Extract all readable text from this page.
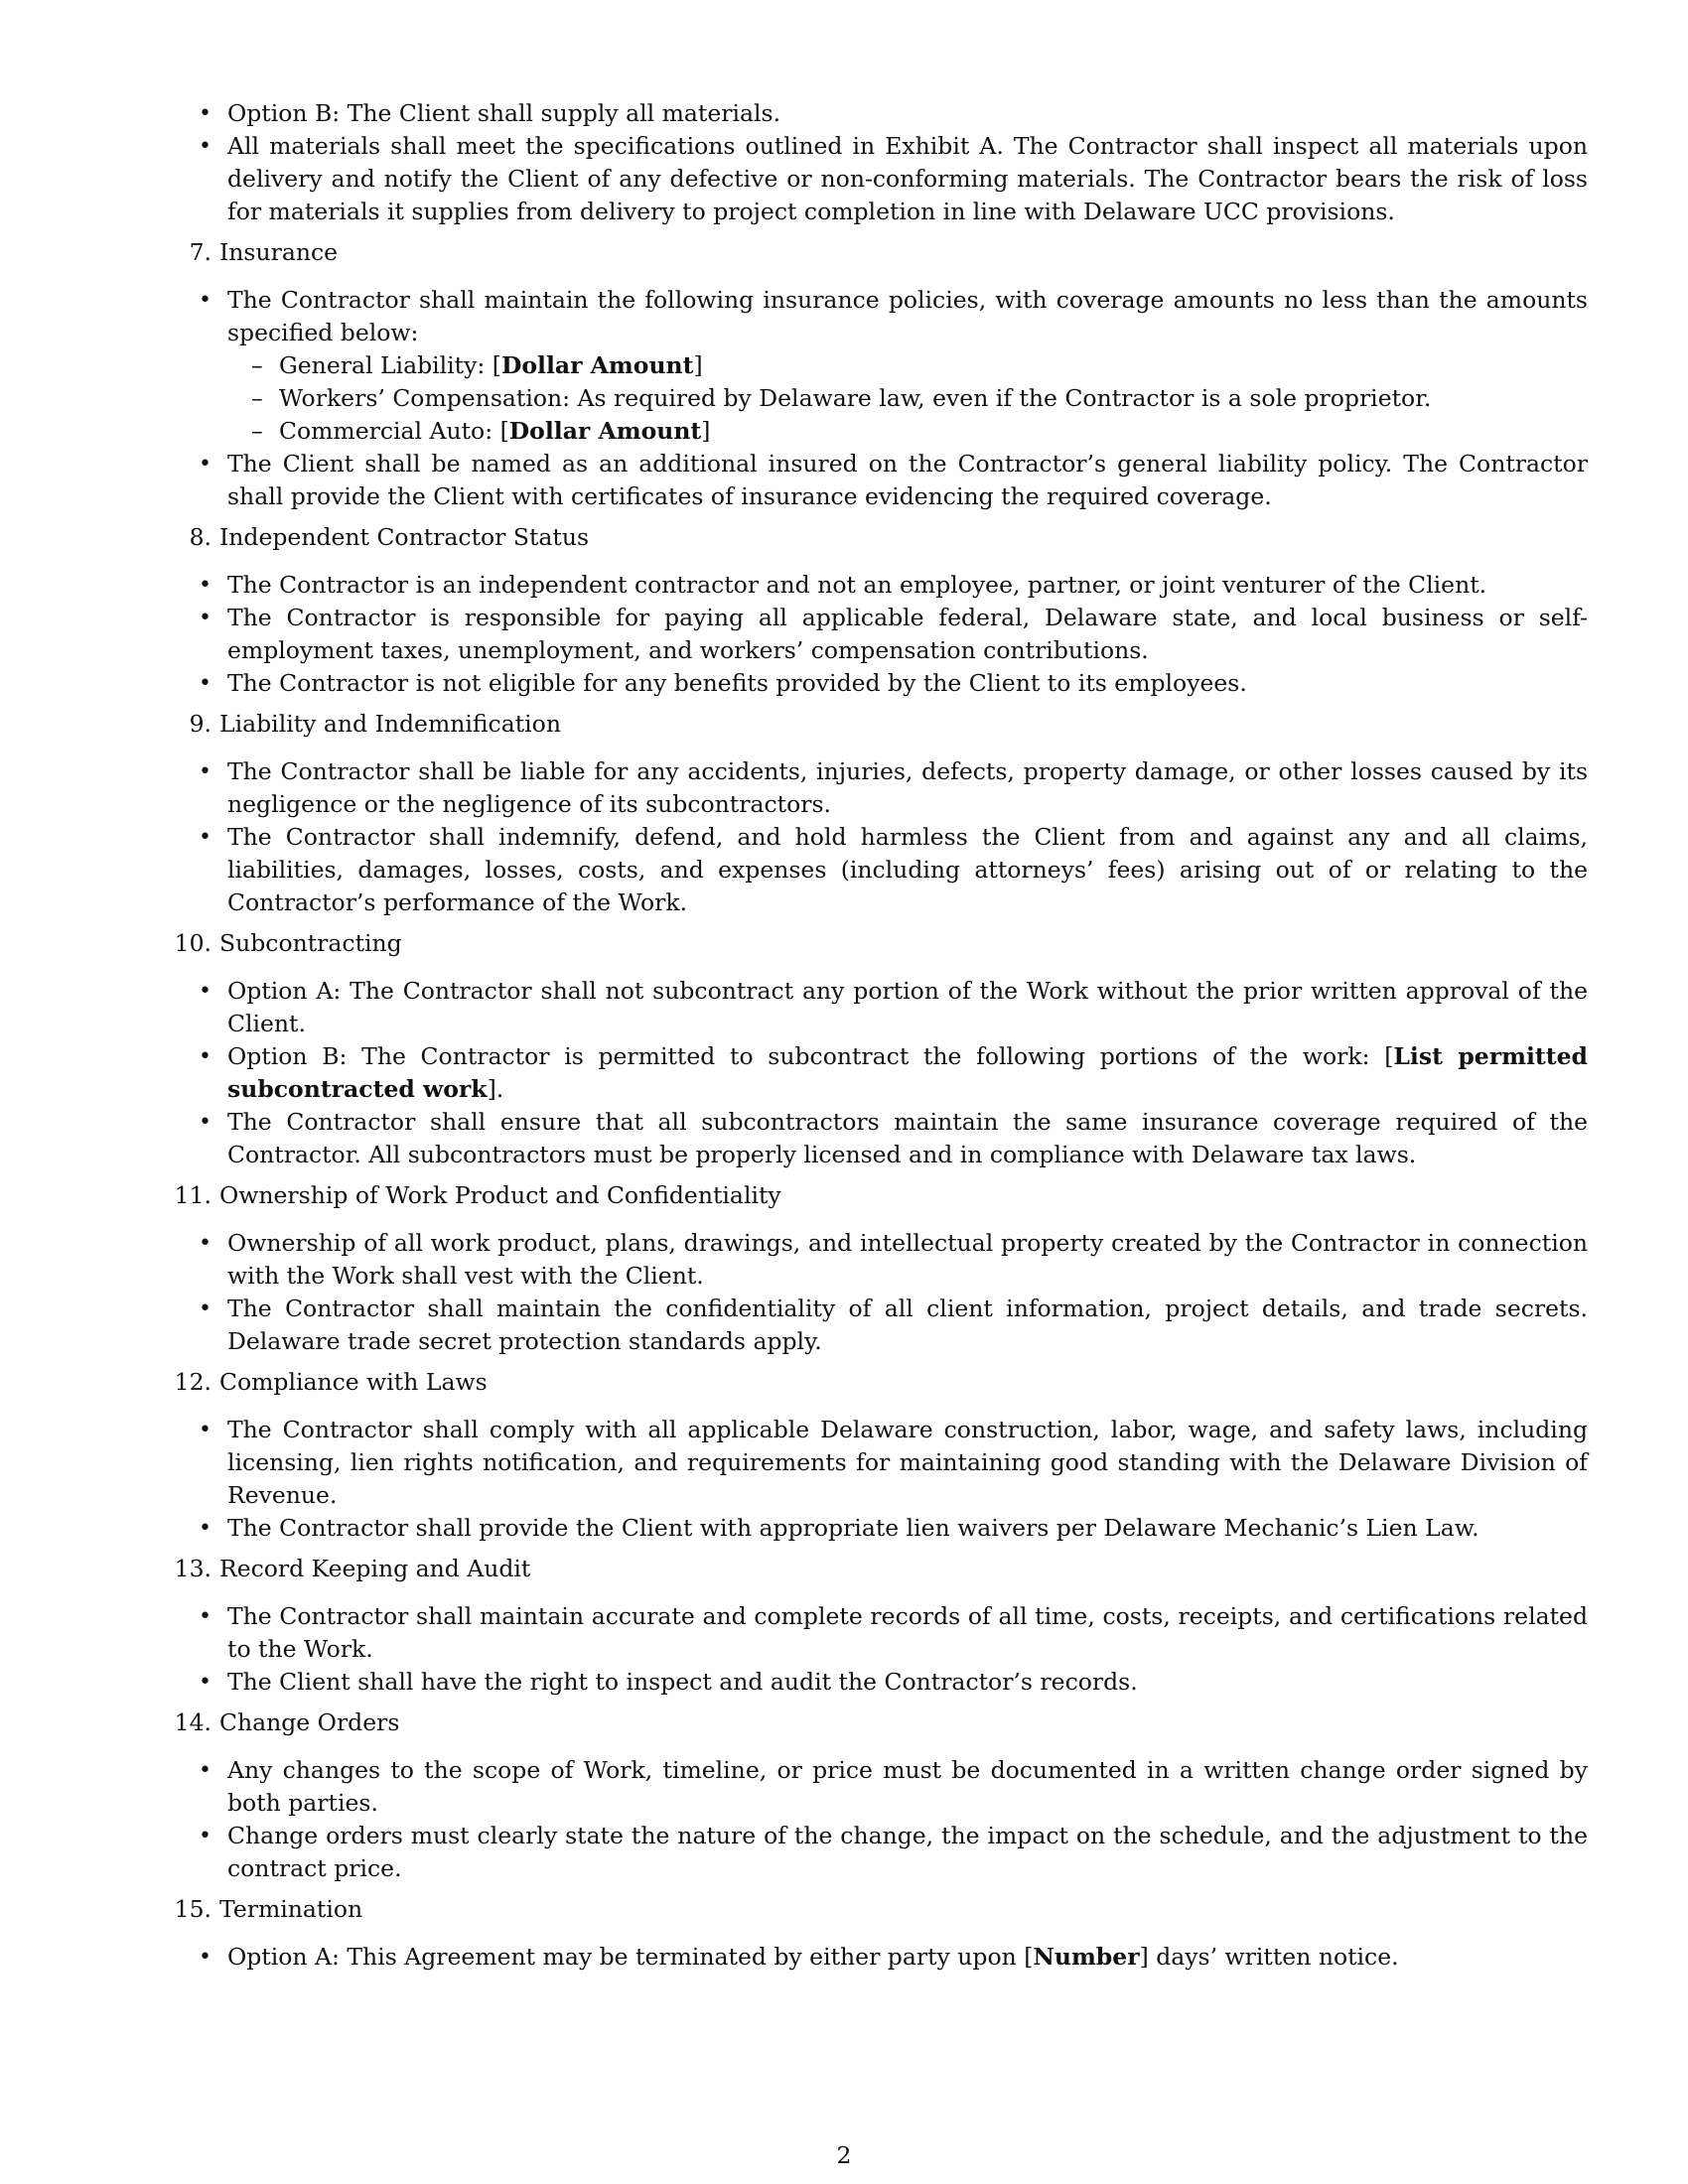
• Option B: The Client shall supply all materials.
• All materials shall meet the specifications outlined in Exhibit A. The Contractor shall inspect all materials upon delivery and notify the Client of any defective or non-conforming materials. The Contractor bears the risk of loss for materials it supplies from delivery to project completion in line with Delaware UCC provisions.
7. Insurance
• The Contractor shall maintain the following insurance policies, with coverage amounts no less than the amounts specified below:
– General Liability: [Dollar Amount]
– Workers’ Compensation: As required by Delaware law, even if the Contractor is a sole proprietor.
– Commercial Auto: [Dollar Amount]
• The Client shall be named as an additional insured on the Contractor’s general liability policy. The Contractor shall provide the Client with certificates of insurance evidencing the required coverage.
8. Independent Contractor Status
• The Contractor is an independent contractor and not an employee, partner, or joint venturer of the Client.
• The Contractor is responsible for paying all applicable federal, Delaware state, and local business or self-employment taxes, unemployment, and workers’ compensation contributions.
• The Contractor is not eligible for any benefits provided by the Client to its employees.
9. Liability and Indemnification
• The Contractor shall be liable for any accidents, injuries, defects, property damage, or other losses caused by its negligence or the negligence of its subcontractors.
• The Contractor shall indemnify, defend, and hold harmless the Client from and against any and all claims, liabilities, damages, losses, costs, and expenses (including attorneys’ fees) arising out of or relating to the Contractor’s performance of the Work.
10. Subcontracting
• Option A: The Contractor shall not subcontract any portion of the Work without the prior written approval of the Client.
• Option B: The Contractor is permitted to subcontract the following portions of the work: [List permitted subcontracted work].
• The Contractor shall ensure that all subcontractors maintain the same insurance coverage required of the Contractor. All subcontractors must be properly licensed and in compliance with Delaware tax laws.
11. Ownership of Work Product and Confidentiality
• Ownership of all work product, plans, drawings, and intellectual property created by the Contractor in connection with the Work shall vest with the Client.
• The Contractor shall maintain the confidentiality of all client information, project details, and trade secrets. Delaware trade secret protection standards apply.
12. Compliance with Laws
• The Contractor shall comply with all applicable Delaware construction, labor, wage, and safety laws, including licensing, lien rights notification, and requirements for maintaining good standing with the Delaware Division of Revenue.
• The Contractor shall provide the Client with appropriate lien waivers per Delaware Mechanic’s Lien Law.
13. Record Keeping and Audit
• The Contractor shall maintain accurate and complete records of all time, costs, receipts, and certifications related to the Work.
• The Client shall have the right to inspect and audit the Contractor’s records.
14. Change Orders
• Any changes to the scope of Work, timeline, or price must be documented in a written change order signed by both parties.
• Change orders must clearly state the nature of the change, the impact on the schedule, and the adjustment to the contract price.
15. Termination
• Option A: This Agreement may be terminated by either party upon [Number] days’ written notice.
2
